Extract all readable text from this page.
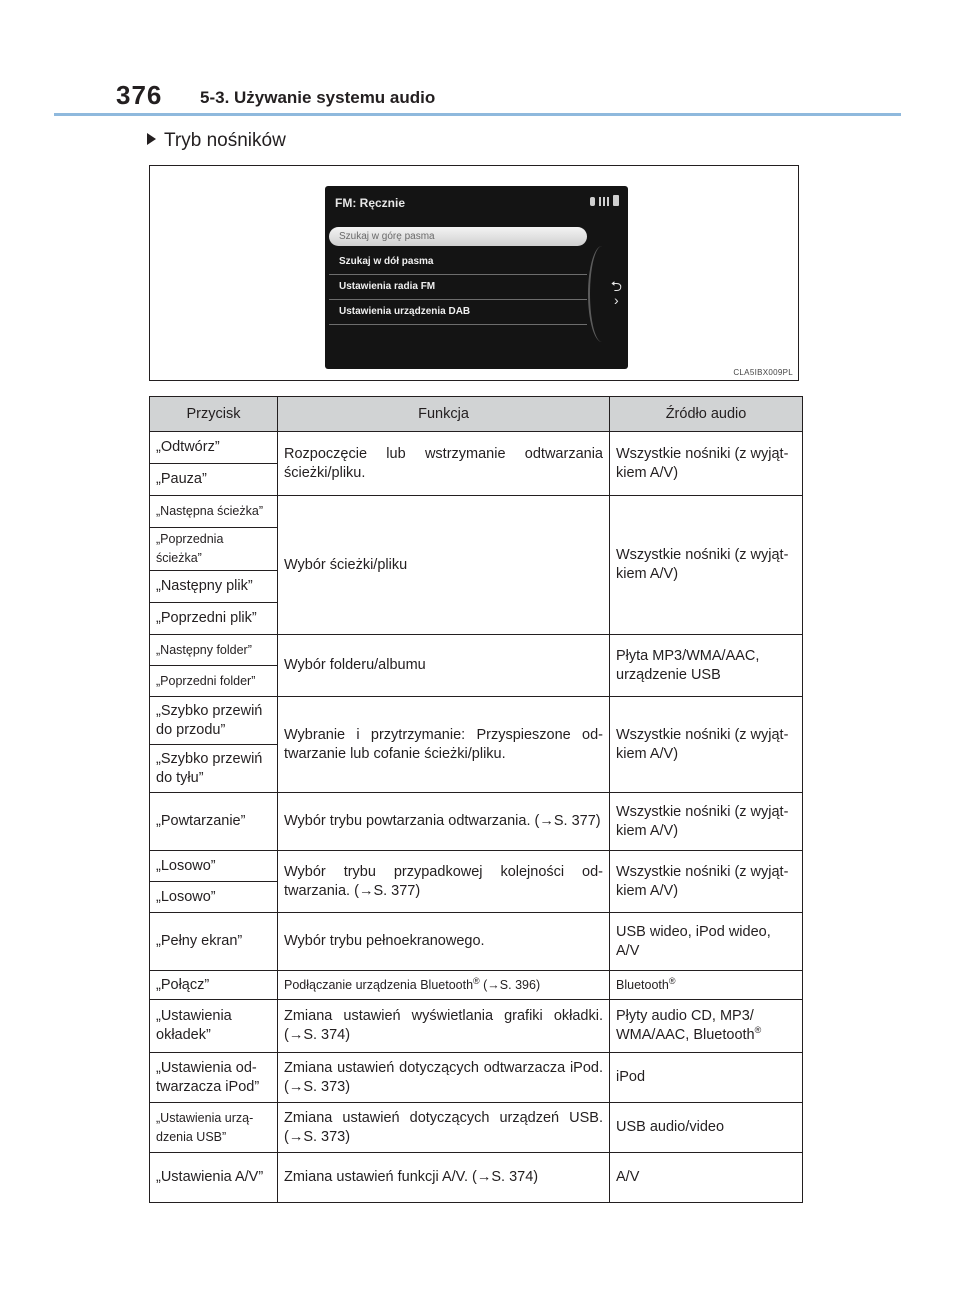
376 5-3. Używanie systemu audio
Tryb nośników
FM: Ręcznie
Szukaj w górę pasma
Szukaj w dół pasma
Ustawienia radia FM
Ustawienia urządzenia DAB
⮌
›
CLA5IBX009PL
Przycisk	Funkcja	Źródło audio
„Odtwórz”	Rozpoczęcie lub wstrzymanie odtwarzania ścieżki/pliku.	Wszystkie nośniki (z wyjąt- kiem A/V)
„Pauza”		
„Następna ścieżka”	Wybór ścieżki/pliku	Wszystkie nośniki (z wyjąt- kiem A/V)
„Poprzednia ścieżka”		
„Następny plik”		
„Poprzedni plik”		
„Następny folder”	Wybór folderu/albumu	Płyta MP3/WMA/AAC, urządzenie USB
„Poprzedni folder”		
„Szybko przewiń do przodu”	Wybranie i przytrzymanie: Przyspieszone od- twarzanie lub cofanie ścieżki/pliku.	Wszystkie nośniki (z wyjąt- kiem A/V)
„Szybko przewiń do tyłu”		
„Powtarzanie”	Wybór trybu powtarzania odtwarzania. (→S. 377)	Wszystkie nośniki (z wyjąt- kiem A/V)
„Losowo”	Wybór trybu przypadkowej kolejności od- twarzania. (→S. 377)	Wszystkie nośniki (z wyjąt- kiem A/V)
„Losowo”		
„Pełny ekran”	Wybór trybu pełnoekranowego.	USB wideo, iPod wideo, A/V
„Połącz”	Podłączanie urządzenia Bluetooth® (→S. 396)	Bluetooth®
„Ustawienia okładek”	Zmiana ustawień wyświetlania grafiki okładki. (→S. 374)	Płyty audio CD, MP3/ WMA/AAC, Bluetooth®
„Ustawienia od- twarzacza iPod”	Zmiana ustawień dotyczących odtwarzacza iPod. (→S. 373)	iPod
„Ustawienia urzą- dzenia USB”	Zmiana ustawień dotyczących urządzeń USB. (→S. 373)	USB audio/video
„Ustawienia A/V”	Zmiana ustawień funkcji A/V. (→S. 374)	A/V
